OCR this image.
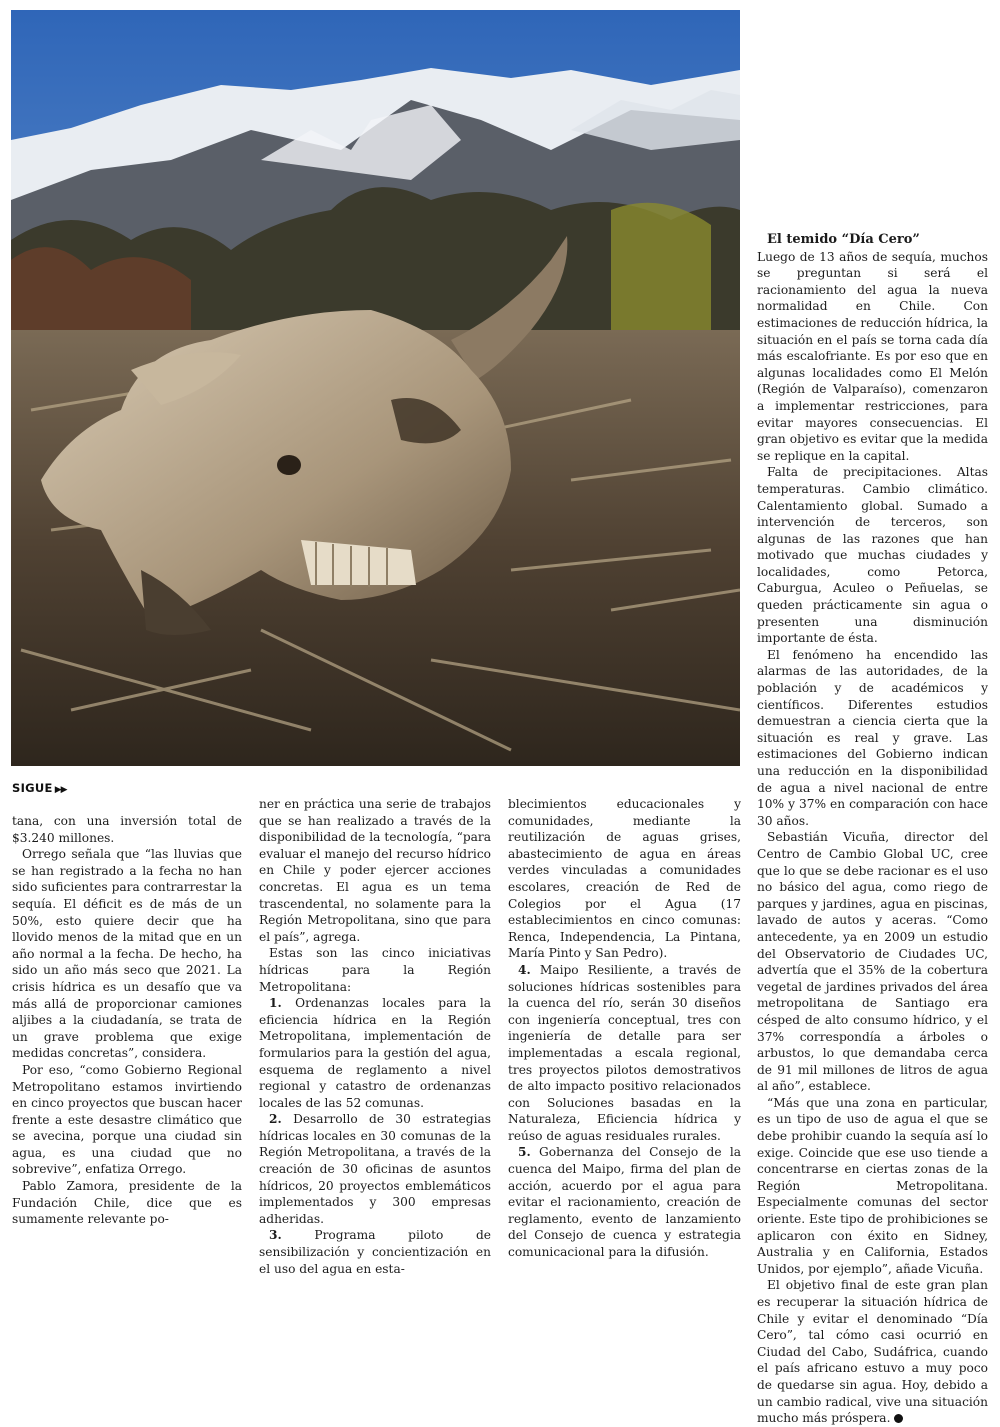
SIGUE ▶▶

tana, con una inversión total de $3.240 millones.

Orrego señala que “las lluvias que se han registrado a la fecha no han sido suficientes para contrarrestar la sequía. El déficit es de más de un 50%, esto quiere decir que ha llovido menos de la mitad que en un año normal a la fecha. De hecho, ha sido un año más seco que 2021. La crisis hídrica es un desafío que va más allá de proporcionar camiones aljibes a la ciudadanía, se trata de un grave problema que exige medidas concretas”, considera.

Por eso, “como Gobierno Regional Metropolitano estamos invirtiendo en cinco proyectos que buscan hacer frente a este desastre climático que se avecina, porque una ciudad sin agua, es una ciudad que no sobrevive”, enfatiza Orrego.

Pablo Zamora, presidente de la Fundación Chile, dice que es sumamente relevante po-

ner en práctica una serie de trabajos que se han realizado a través de la disponibilidad de la tecnología, “para evaluar el manejo del recurso hídrico en Chile y poder ejercer acciones concretas. El agua es un tema trascendental, no solamente para la Región Metropolitana, sino que para el país”, agrega.

Estas son las cinco iniciativas hídricas para la Región Metropolitana:

1. Ordenanzas locales para la eficiencia hídrica en la Región Metropolitana, implementación de formularios para la gestión del agua, esquema de reglamento a nivel regional y catastro de ordenanzas locales de las 52 comunas.

2. Desarrollo de 30 estrategias hídricas locales en 30 comunas de la Región Metropolitana, a través de la creación de 30 oficinas de asuntos hídricos, 20 proyectos emblemáticos implementados y 300 empresas adheridas.

3. Programa piloto de sensibilización y concientización en el uso del agua en esta-

blecimientos educacionales y comunidades, mediante la reutilización de aguas grises, abastecimiento de agua en áreas verdes vinculadas a comunidades escolares, creación de Red de Colegios por el Agua (17 establecimientos en cinco comunas: Renca, Independencia, La Pintana, María Pinto y San Pedro).

4. Maipo Resiliente, a través de soluciones hídricas sostenibles para la cuenca del río, serán 30 diseños con ingeniería conceptual, tres con ingeniería de detalle para ser implementadas a escala regional, tres proyectos pilotos demostrativos de alto impacto positivo relacionados con Soluciones basadas en la Naturaleza, Eficiencia hídrica y reúso de aguas residuales rurales.

5. Gobernanza del Consejo de la cuenca del Maipo, firma del plan de acción, acuerdo por el agua para evitar el racionamiento, creación de reglamento, evento de lanzamiento del Consejo de cuenca y estrategia comunicacional para la difusión.

El temido “Día Cero”

Luego de 13 años de sequía, muchos se preguntan si será el racionamiento del agua la nueva normalidad en Chile. Con estimaciones de reducción hídrica, la situación en el país se torna cada día más escalofriante. Es por eso que en algunas localidades como El Melón (Región de Valparaíso), comenzaron a implementar restricciones, para evitar mayores consecuencias. El gran objetivo es evitar que la medida se replique en la capital.

Falta de precipitaciones. Altas temperaturas. Cambio climático. Calentamiento global. Sumado a intervención de terceros, son algunas de las razones que han motivado que muchas ciudades y localidades, como Petorca, Caburgua, Aculeo o Peñuelas, se queden prácticamente sin agua o presenten una disminución importante de ésta.

El fenómeno ha encendido las alarmas de las autoridades, de la población y de académicos y científicos. Diferentes estudios demuestran a ciencia cierta que la situación es real y grave. Las estimaciones del Gobierno indican una reducción en la disponibilidad de agua a nivel nacional de entre 10% y 37% en comparación con hace 30 años.

Sebastián Vicuña, director del Centro de Cambio Global UC, cree que lo que se debe racionar es el uso no básico del agua, como riego de parques y jardines, agua en piscinas, lavado de autos y aceras. “Como antecedente, ya en 2009 un estudio del Observatorio de Ciudades UC, advertía que el 35% de la cobertura vegetal de jardines privados del área metropolitana de Santiago era césped de alto consumo hídrico, y el 37% correspondía a árboles o arbustos, lo que demandaba cerca de 91 mil millones de litros de agua al año”, establece.

“Más que una zona en particular, es un tipo de uso de agua el que se debe prohibir cuando la sequía así lo exige. Coincide que ese uso tiende a concentrarse en ciertas zonas de la Región Metropolitana. Especialmente comunas del sector oriente. Este tipo de prohibiciones se aplicaron con éxito en Sidney, Australia y en California, Estados Unidos, por ejemplo”, añade Vicuña.

El objetivo final de este gran plan es recuperar la situación hídrica de Chile y evitar el denominado “Día Cero”, tal cómo casi ocurrió en Ciudad del Cabo, Sudáfrica, cuando el país africano estuvo a muy poco de quedarse sin agua. Hoy, debido a un cambio radical, vive una situación mucho más próspera.
